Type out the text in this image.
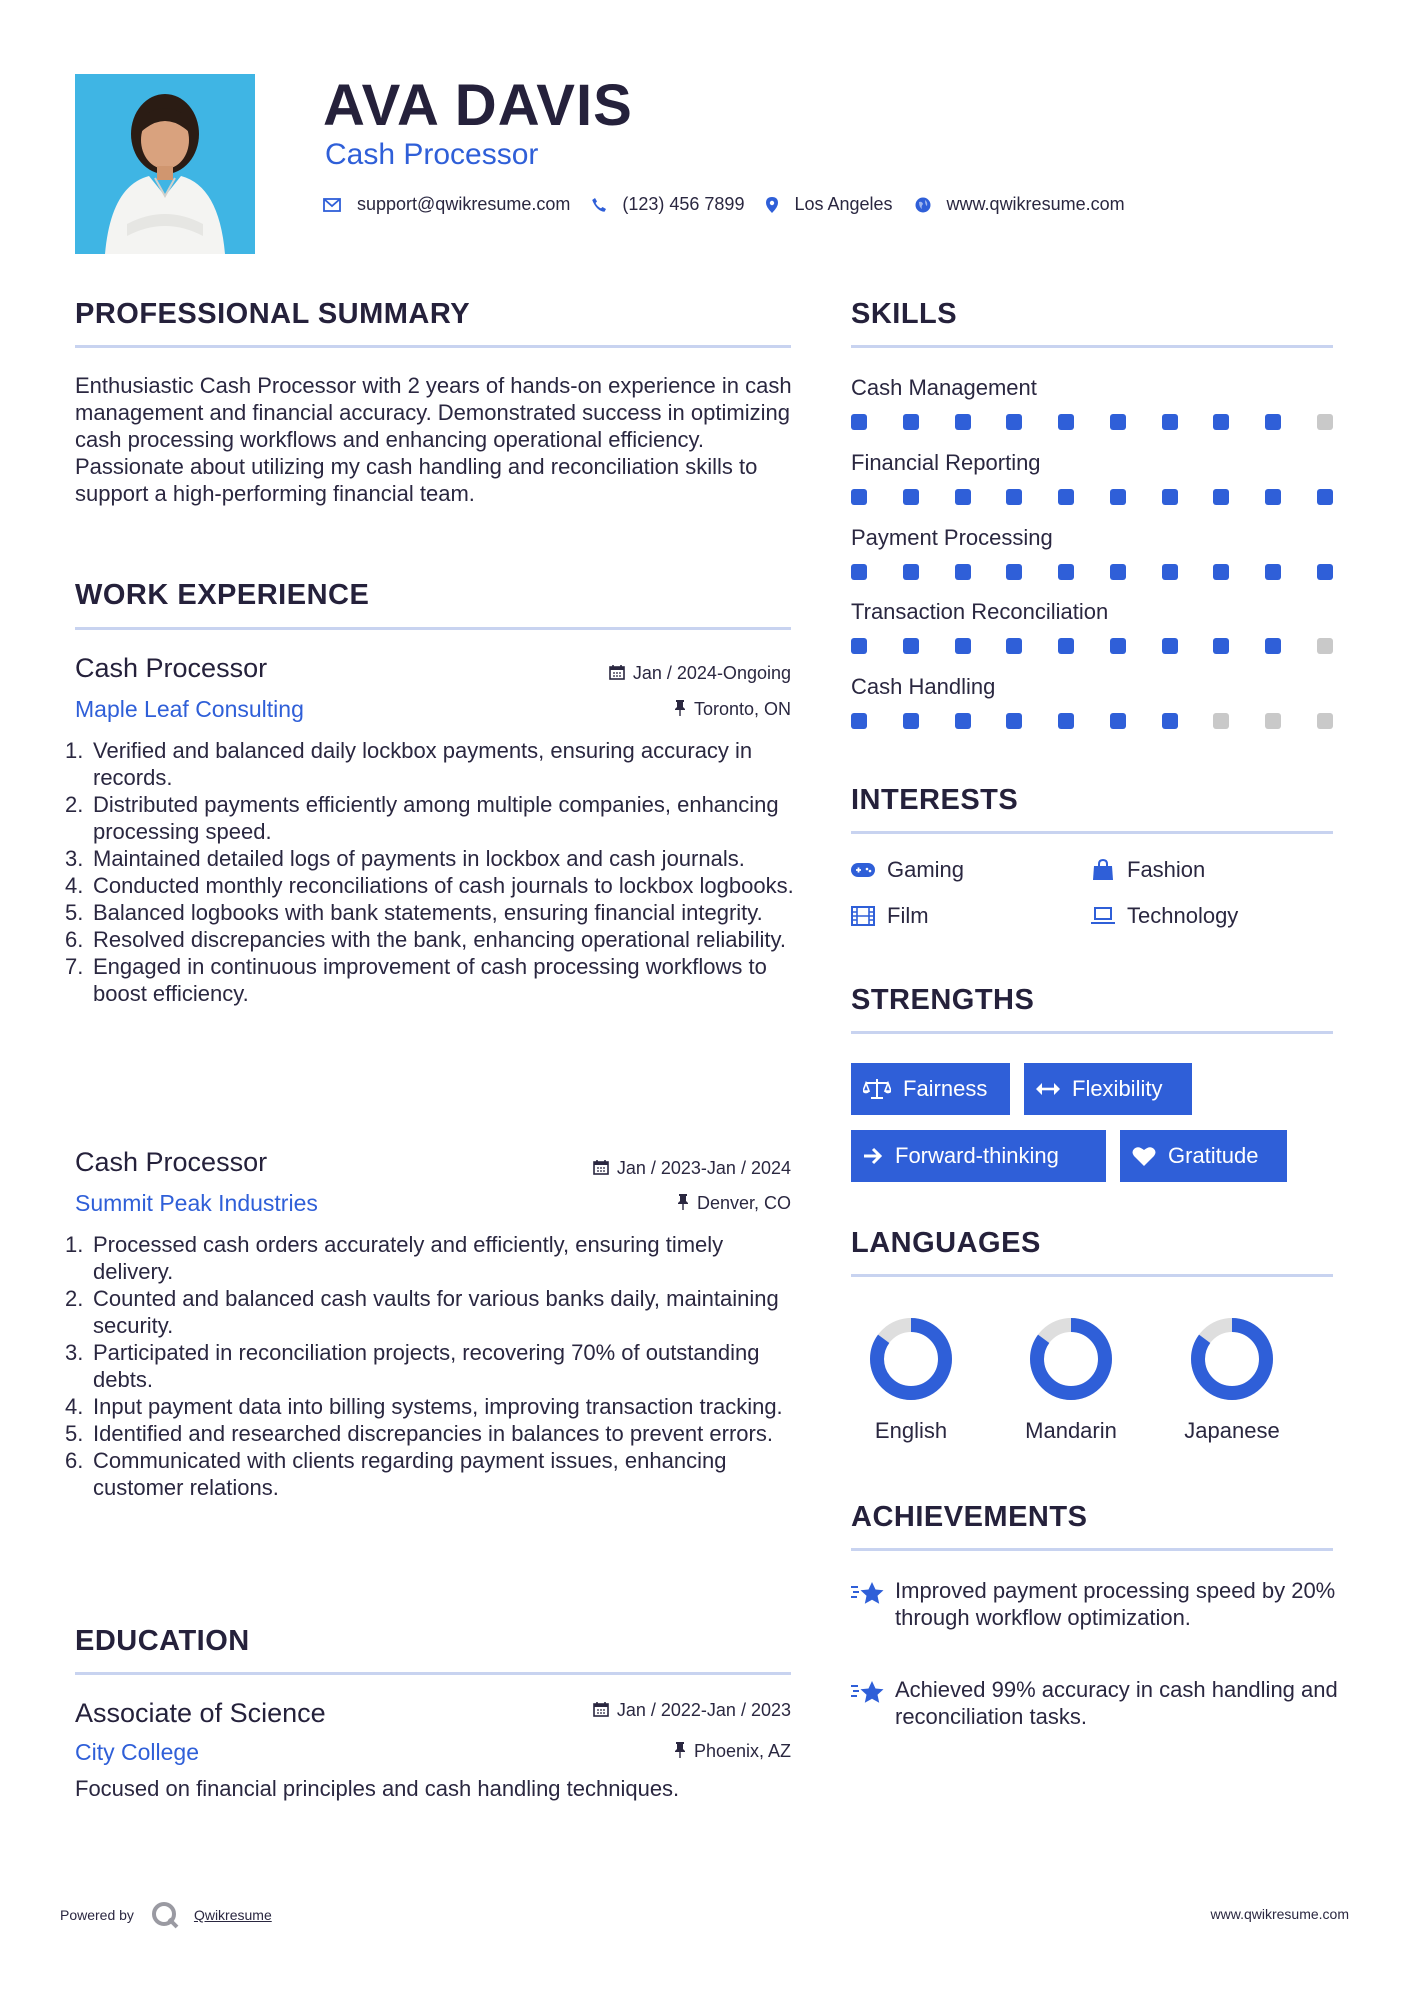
AVA DAVIS
Cash Processor
support@qwikresume.com	(123) 456 7899	Los Angeles	www.qwikresume.com
PROFESSIONAL SUMMARY
Enthusiastic Cash Processor with 2 years of hands-on experience in cash management and financial accuracy. Demonstrated success in optimizing cash processing workflows and enhancing operational efficiency. Passionate about utilizing my cash handling and reconciliation skills to support a high-performing financial team.
WORK EXPERIENCE
Cash Processor	Jan / 2024-Ongoing
Maple Leaf Consulting	Toronto, ON
1. Verified and balanced daily lockbox payments, ensuring accuracy in records.
2. Distributed payments efficiently among multiple companies, enhancing processing speed.
3. Maintained detailed logs of payments in lockbox and cash journals.
4. Conducted monthly reconciliations of cash journals to lockbox logbooks.
5. Balanced logbooks with bank statements, ensuring financial integrity.
6. Resolved discrepancies with the bank, enhancing operational reliability.
7. Engaged in continuous improvement of cash processing workflows to boost efficiency.
Cash Processor	Jan / 2023-Jan / 2024
Summit Peak Industries	Denver, CO
1. Processed cash orders accurately and efficiently, ensuring timely delivery.
2. Counted and balanced cash vaults for various banks daily, maintaining security.
3. Participated in reconciliation projects, recovering 70% of outstanding debts.
4. Input payment data into billing systems, improving transaction tracking.
5. Identified and researched discrepancies in balances to prevent errors.
6. Communicated with clients regarding payment issues, enhancing customer relations.
EDUCATION
Associate of Science	Jan / 2022-Jan / 2023
City College	Phoenix, AZ
Focused on financial principles and cash handling techniques.
SKILLS
Cash Management
Financial Reporting
Payment Processing
Transaction Reconciliation
Cash Handling
INTERESTS
Gaming	Fashion
Film	Technology
STRENGTHS
Fairness	Flexibility
Forward-thinking	Gratitude
LANGUAGES
English	Mandarin	Japanese
ACHIEVEMENTS
Improved payment processing speed by 20% through workflow optimization.
Achieved 99% accuracy in cash handling and reconciliation tasks.
Powered by	Qwikresume	www.qwikresume.com
